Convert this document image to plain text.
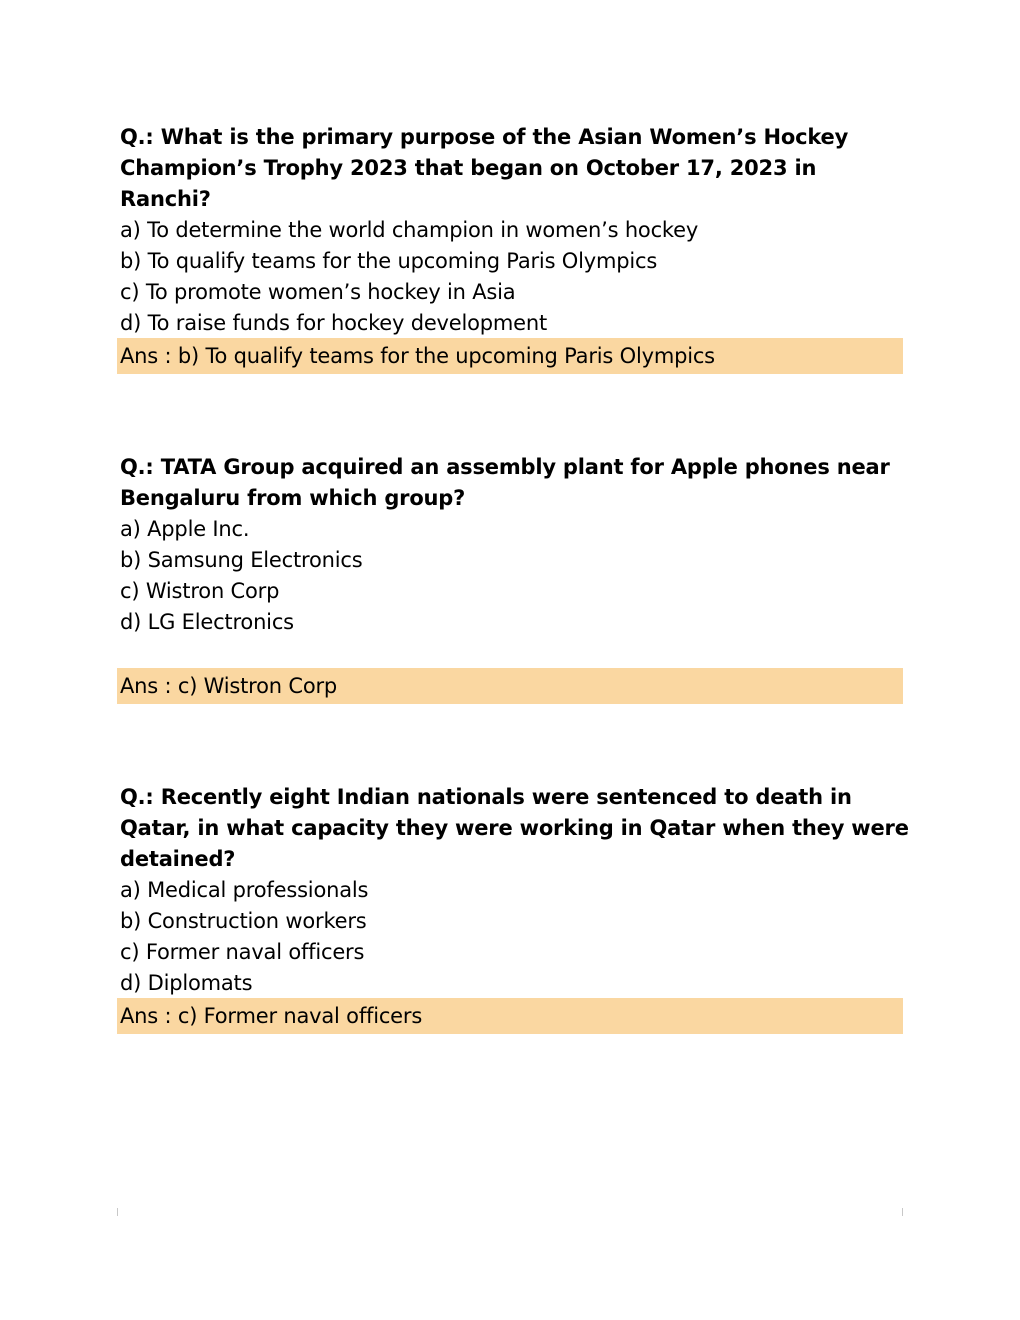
Q.: What is the primary purpose of the Asian Women’s Hockey Champion’s Trophy 2023 that began on October 17, 2023 in Ranchi?

a) To determine the world champion in women’s hockey
b) To qualify teams for the upcoming Paris Olympics
c) To promote women’s hockey in Asia
d) To raise funds for hockey development
Ans : b) To qualify teams for the upcoming Paris Olympics

Q.: TATA Group acquired an assembly plant for Apple phones near Bengaluru from which group?

a) Apple Inc.
b) Samsung Electronics
c) Wistron Corp
d) LG Electronics
Ans : c) Wistron Corp

Q.: Recently eight Indian nationals were sentenced to death in Qatar, in what capacity they were working in Qatar when they were detained?

a) Medical professionals
b) Construction workers
c) Former naval officers
d) Diplomats
Ans : c) Former naval officers
